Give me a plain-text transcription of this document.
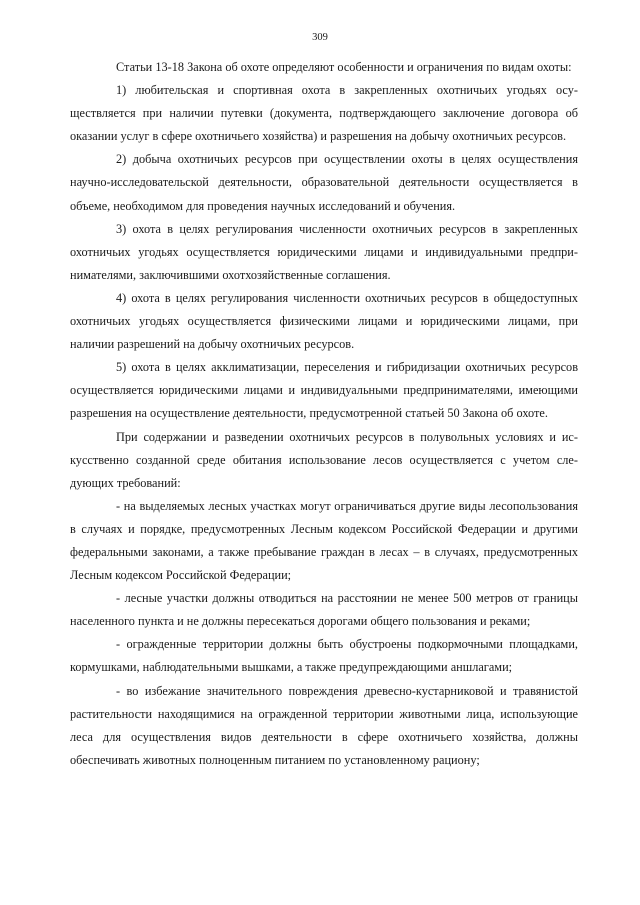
309

Статьи 13-18 Закона об охоте определяют особенности и ограничения по видам охоты:

1) любительская и спортивная охота в закрепленных охотничьих угодьях осуществляется при наличии путевки (документа, подтверждающего заключение договора об оказании услуг в сфере охотничьего хозяйства) и разрешения на добычу охотничьих ресурсов.

2) добыча охотничьих ресурсов при осуществлении охоты в целях осуществления научно-исследовательской деятельности, образовательной деятельности осуществляется в объеме, необходимом для проведения научных исследований и обучения.

3) охота в целях регулирования численности охотничьих ресурсов в закрепленных охотничьих угодьях осуществляется юридическими лицами и индивидуальными предпринимателями, заключившими охотхозяйственные соглашения.

4) охота в целях регулирования численности охотничьих ресурсов в общедоступных охотничьих угодьях осуществляется физическими лицами и юридическими лицами, при наличии разрешений на добычу охотничьих ресурсов.

5) охота в целях акклиматизации, переселения и гибридизации охотничьих ресурсов осуществляется юридическими лицами и индивидуальными предпринимателями, имеющими разрешения на осуществление деятельности, предусмотренной статьей 50 Закона об охоте.

При содержании и разведении охотничьих ресурсов в полувольных условиях и искусственно созданной среде обитания использование лесов осуществляется с учетом следующих требований:

- на выделяемых лесных участках могут ограничиваться другие виды лесопользования в случаях и порядке, предусмотренных Лесным кодексом Российской Федерации и другими федеральными законами, а также пребывание граждан в лесах – в случаях, предусмотренных Лесным кодексом Российской Федерации;

- лесные участки должны отводиться на расстоянии не менее 500 метров от границы населенного пункта и не должны пересекаться дорогами общего пользования и реками;

- огражденные территории должны быть обустроены подкормочными площадками, кормушками, наблюдательными вышками, а также предупреждающими аншлагами;

- во избежание значительного повреждения древесно-кустарниковой и травянистой растительности находящимися на огражденной территории животными лица, использующие леса для осуществления видов деятельности в сфере охотничьего хозяйства, должны обеспечивать животных полноценным питанием по установленному рациону;
